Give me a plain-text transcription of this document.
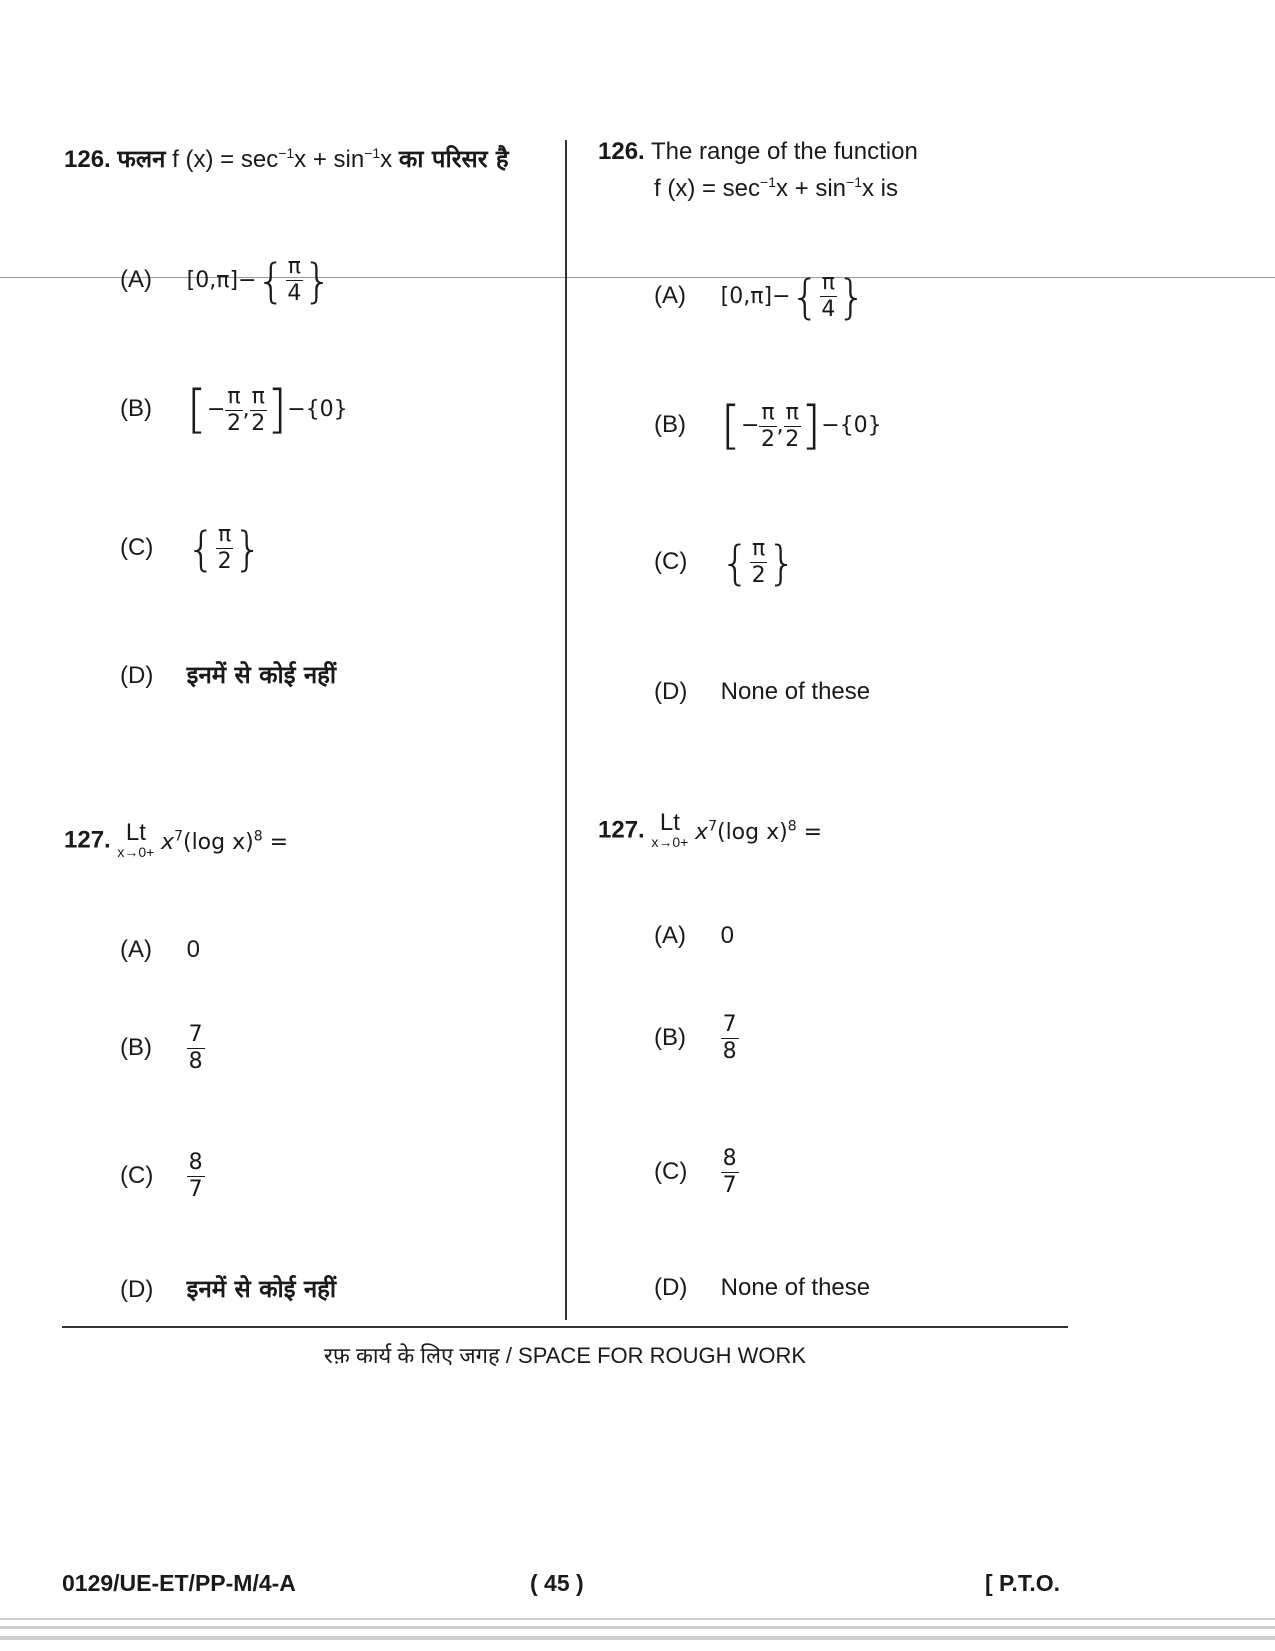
126. फलन f $(x) = \sec^{-1}x + \sin^{-1}x$ का परिसर है
(A) $[0,\pi]-\{ \frac{\pi}{4}$ }
(B) [− $\frac{\pi}{2}$ , $\frac{\pi}{2} ]-\{0\}$
(C) { $\frac{\pi}{2}$ }
(D) इनमें से कोई नहीं
127. Lt
$x\to 0+ x^7(\log$ x)$^8$ =
(A) 0
$(B) \frac{7}{8}$
$(C) \frac{8}{7}$
(D) इनमें से कोई नहीं
126. The range of the function
f $(x) = \sec^{-1}x + \sin^{-1}x$ is
(A) $[0,\pi]-\{ \frac{\pi}{4}$ }
(B) [− $\frac{\pi}{2}$ , $\frac{\pi}{2} ]-\{0\}$
(C) { $\frac{\pi}{2}$ }
(D) None of these
127. Lt
$x\to 0+ x^7(\log$ x)$^8$ =
(A) 0
$(B) \frac{7}{8}$
$(C) \frac{8}{7}$
(D) None of these
रफ़ कार्य के लिए जगह / SPACE FOR ROUGH WORK
0129/UE-ET/PP-M/4-A	( 45 )	[ P.T.O.
